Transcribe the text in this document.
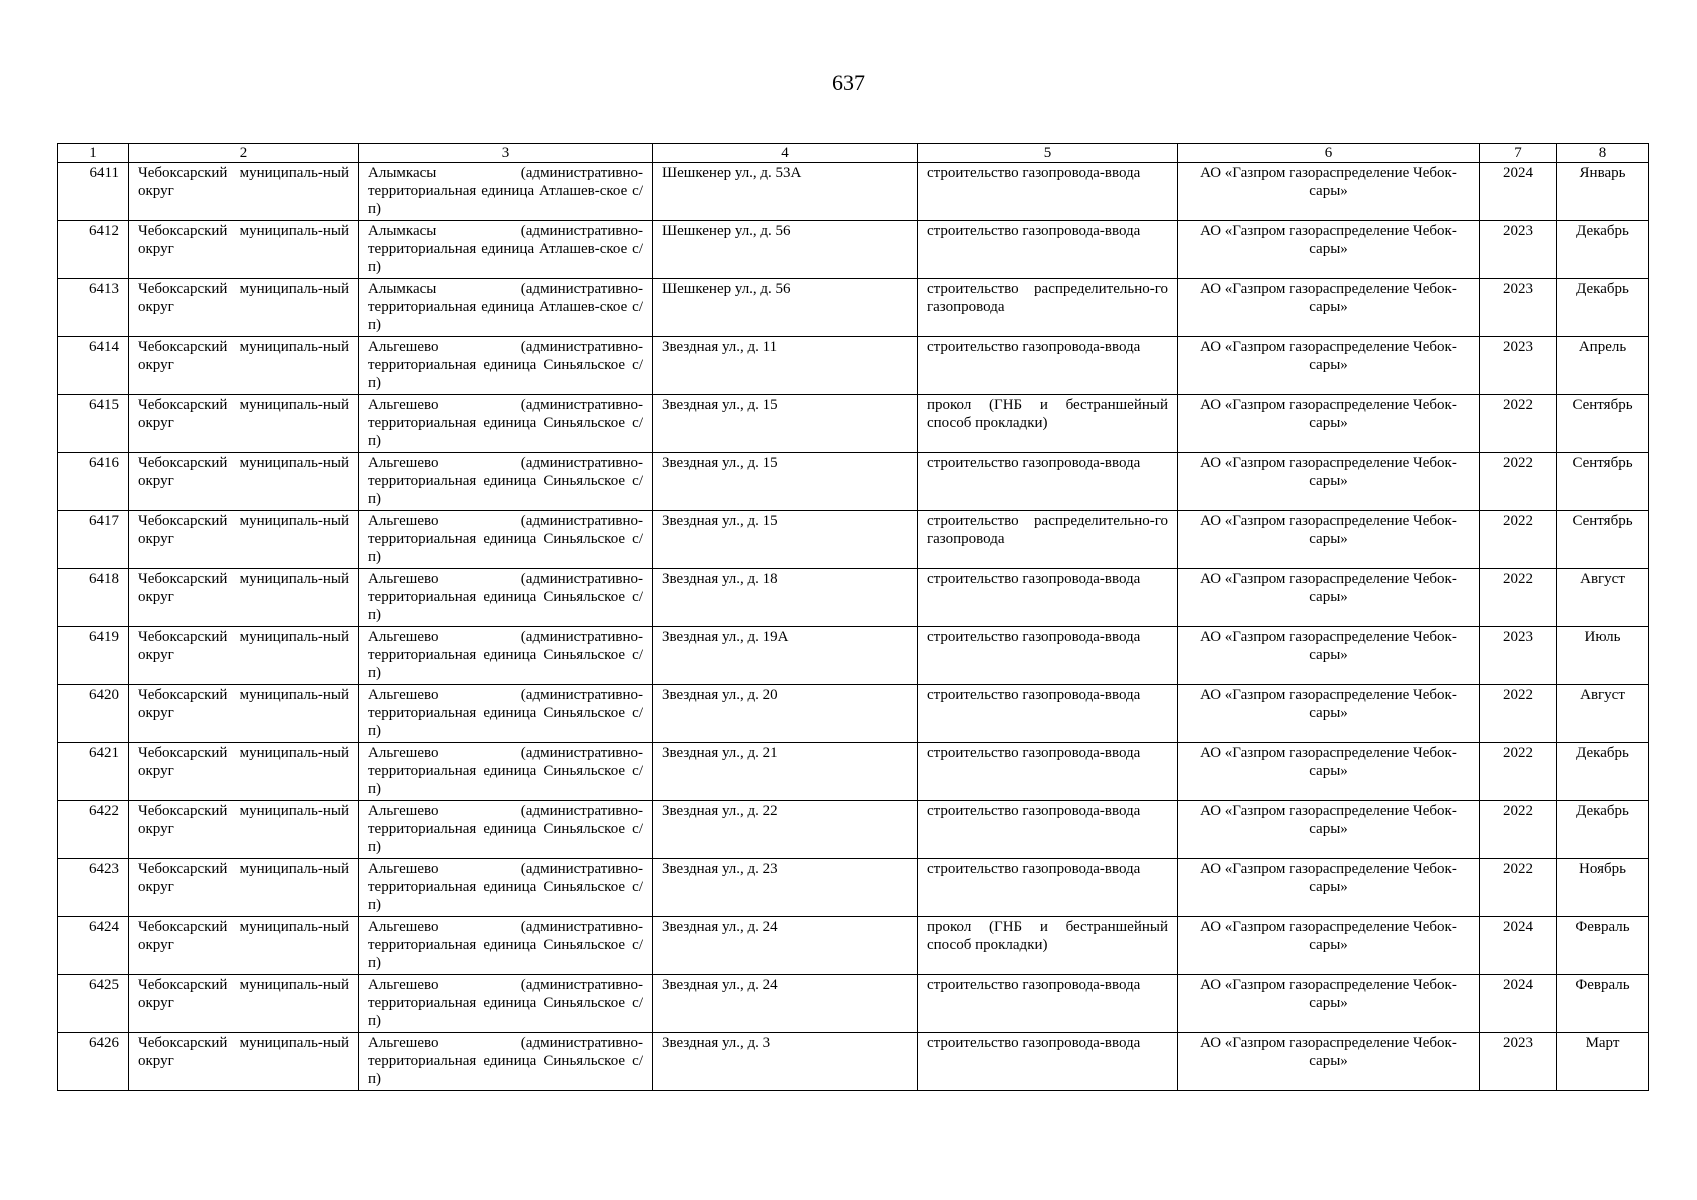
637
1	2	3	4	5	6	7	8
6411	Чебоксарский муниципаль-ный округ	Алымкасы (административно-территориальная единица Атлашев-ское с/п)	Шешкенер ул., д. 53А	строительство газопровода-ввода	АО «Газпром газораспределение Чебок-сары»	2024	Январь
6412	Чебоксарский муниципаль-ный округ	Алымкасы (административно-территориальная единица Атлашев-ское с/п)	Шешкенер ул., д. 56	строительство газопровода-ввода	АО «Газпром газораспределение Чебок-сары»	2023	Декабрь
6413	Чебоксарский муниципаль-ный округ	Алымкасы (административно-территориальная единица Атлашев-ское с/п)	Шешкенер ул., д. 56	строительство распределительно-го газопровода	АО «Газпром газораспределение Чебок-сары»	2023	Декабрь
6414	Чебоксарский муниципаль-ный округ	Альгешево (административно-территориальная единица Синьяльское с/п)	Звездная ул., д. 11	строительство газопровода-ввода	АО «Газпром газораспределение Чебок-сары»	2023	Апрель
6415	Чебоксарский муниципаль-ный округ	Альгешево (административно-территориальная единица Синьяльское с/п)	Звездная ул., д. 15	прокол (ГНБ и бестраншейный способ прокладки)	АО «Газпром газораспределение Чебок-сары»	2022	Сентябрь
6416	Чебоксарский муниципаль-ный округ	Альгешево (административно-территориальная единица Синьяльское с/п)	Звездная ул., д. 15	строительство газопровода-ввода	АО «Газпром газораспределение Чебок-сары»	2022	Сентябрь
6417	Чебоксарский муниципаль-ный округ	Альгешево (административно-территориальная единица Синьяльское с/п)	Звездная ул., д. 15	строительство распределительно-го газопровода	АО «Газпром газораспределение Чебок-сары»	2022	Сентябрь
6418	Чебоксарский муниципаль-ный округ	Альгешево (административно-территориальная единица Синьяльское с/п)	Звездная ул., д. 18	строительство газопровода-ввода	АО «Газпром газораспределение Чебок-сары»	2022	Август
6419	Чебоксарский муниципаль-ный округ	Альгешево (административно-территориальная единица Синьяльское с/п)	Звездная ул., д. 19А	строительство газопровода-ввода	АО «Газпром газораспределение Чебок-сары»	2023	Июль
6420	Чебоксарский муниципаль-ный округ	Альгешево (административно-территориальная единица Синьяльское с/п)	Звездная ул., д. 20	строительство газопровода-ввода	АО «Газпром газораспределение Чебок-сары»	2022	Август
6421	Чебоксарский муниципаль-ный округ	Альгешево (административно-территориальная единица Синьяльское с/п)	Звездная ул., д. 21	строительство газопровода-ввода	АО «Газпром газораспределение Чебок-сары»	2022	Декабрь
6422	Чебоксарский муниципаль-ный округ	Альгешево (административно-территориальная единица Синьяльское с/п)	Звездная ул., д. 22	строительство газопровода-ввода	АО «Газпром газораспределение Чебок-сары»	2022	Декабрь
6423	Чебоксарский муниципаль-ный округ	Альгешево (административно-территориальная единица Синьяльское с/п)	Звездная ул., д. 23	строительство газопровода-ввода	АО «Газпром газораспределение Чебок-сары»	2022	Ноябрь
6424	Чебоксарский муниципаль-ный округ	Альгешево (административно-территориальная единица Синьяльское с/п)	Звездная ул., д. 24	прокол (ГНБ и бестраншейный способ прокладки)	АО «Газпром газораспределение Чебок-сары»	2024	Февраль
6425	Чебоксарский муниципаль-ный округ	Альгешево (административно-территориальная единица Синьяльское с/п)	Звездная ул., д. 24	строительство газопровода-ввода	АО «Газпром газораспределение Чебок-сары»	2024	Февраль
6426	Чебоксарский муниципаль-ный округ	Альгешево (административно-территориальная единица Синьяльское с/п)	Звездная ул., д. 3	строительство газопровода-ввода	АО «Газпром газораспределение Чебок-сары»	2023	Март
